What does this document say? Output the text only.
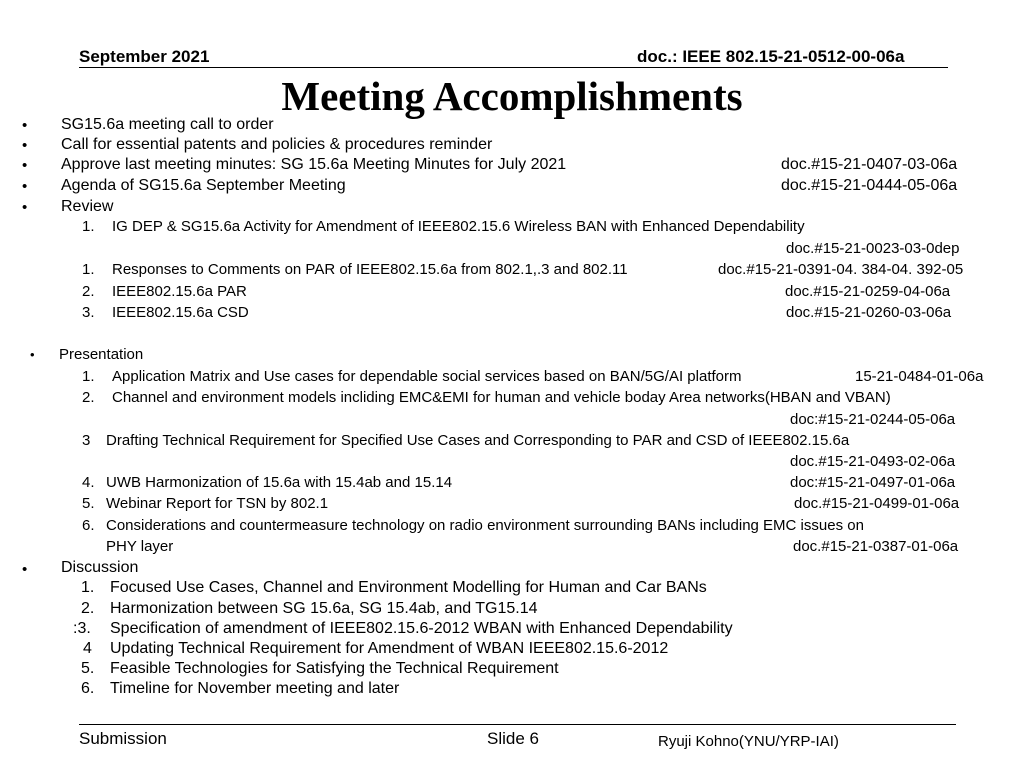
September 2021	doc.: IEEE 802.15-21-0512-00-06a
Meeting Accomplishments
• SG15.6a meeting call to order
• Call for essential patents and policies & procedures reminder
• Approve last meeting minutes: SG 15.6a Meeting Minutes for July 2021	doc.#15-21-0407-03-06a
• Agenda of SG15.6a September Meeting	doc.#15-21-0444-05-06a
• Review
1. IG DEP & SG15.6a Activity for Amendment of IEEE802.15.6 Wireless BAN with Enhanced Dependability
doc.#15-21-0023-03-0dep
1. Responses to Comments on PAR of IEEE802.15.6a from 802.1,.3 and 802.11	doc.#15-21-0391-04. 384-04. 392-05
2. IEEE802.15.6a PAR	doc.#15-21-0259-04-06a
3. IEEE802.15.6a CSD	doc.#15-21-0260-03-06a
• Presentation
1. Application Matrix and Use cases for dependable social services based on BAN/5G/AI platform	15-21-0484-01-06a
2. Channel and environment models incliding EMC&EMI for human and vehicle boday Area networks(HBAN and VBAN)
doc:#15-21-0244-05-06a
3 Drafting Technical Requirement for Specified Use Cases and Corresponding to PAR and CSD of IEEE802.15.6a
doc.#15-21-0493-02-06a
4. UWB Harmonization of 15.6a with 15.4ab and 15.14	doc:#15-21-0497-01-06a
5. Webinar Report for TSN by 802.1	doc.#15-21-0499-01-06a
6. Considerations and countermeasure technology on radio environment surrounding BANs including EMC issues on
PHY layer	doc.#15-21-0387-01-06a
• Discussion
1. Focused Use Cases, Channel and Environment Modelling for Human and Car BANs
2. Harmonization between SG 15.6a, SG 15.4ab, and TG15.14
:3. Specification of amendment of IEEE802.15.6-2012 WBAN with Enhanced Dependability
4 Updating Technical Requirement for Amendment of WBAN IEEE802.15.6-2012
5. Feasible Technologies for Satisfying the Technical Requirement
6. Timeline for November meeting and later
Submission	Slide 6	Ryuji Kohno(YNU/YRP-IAI)
